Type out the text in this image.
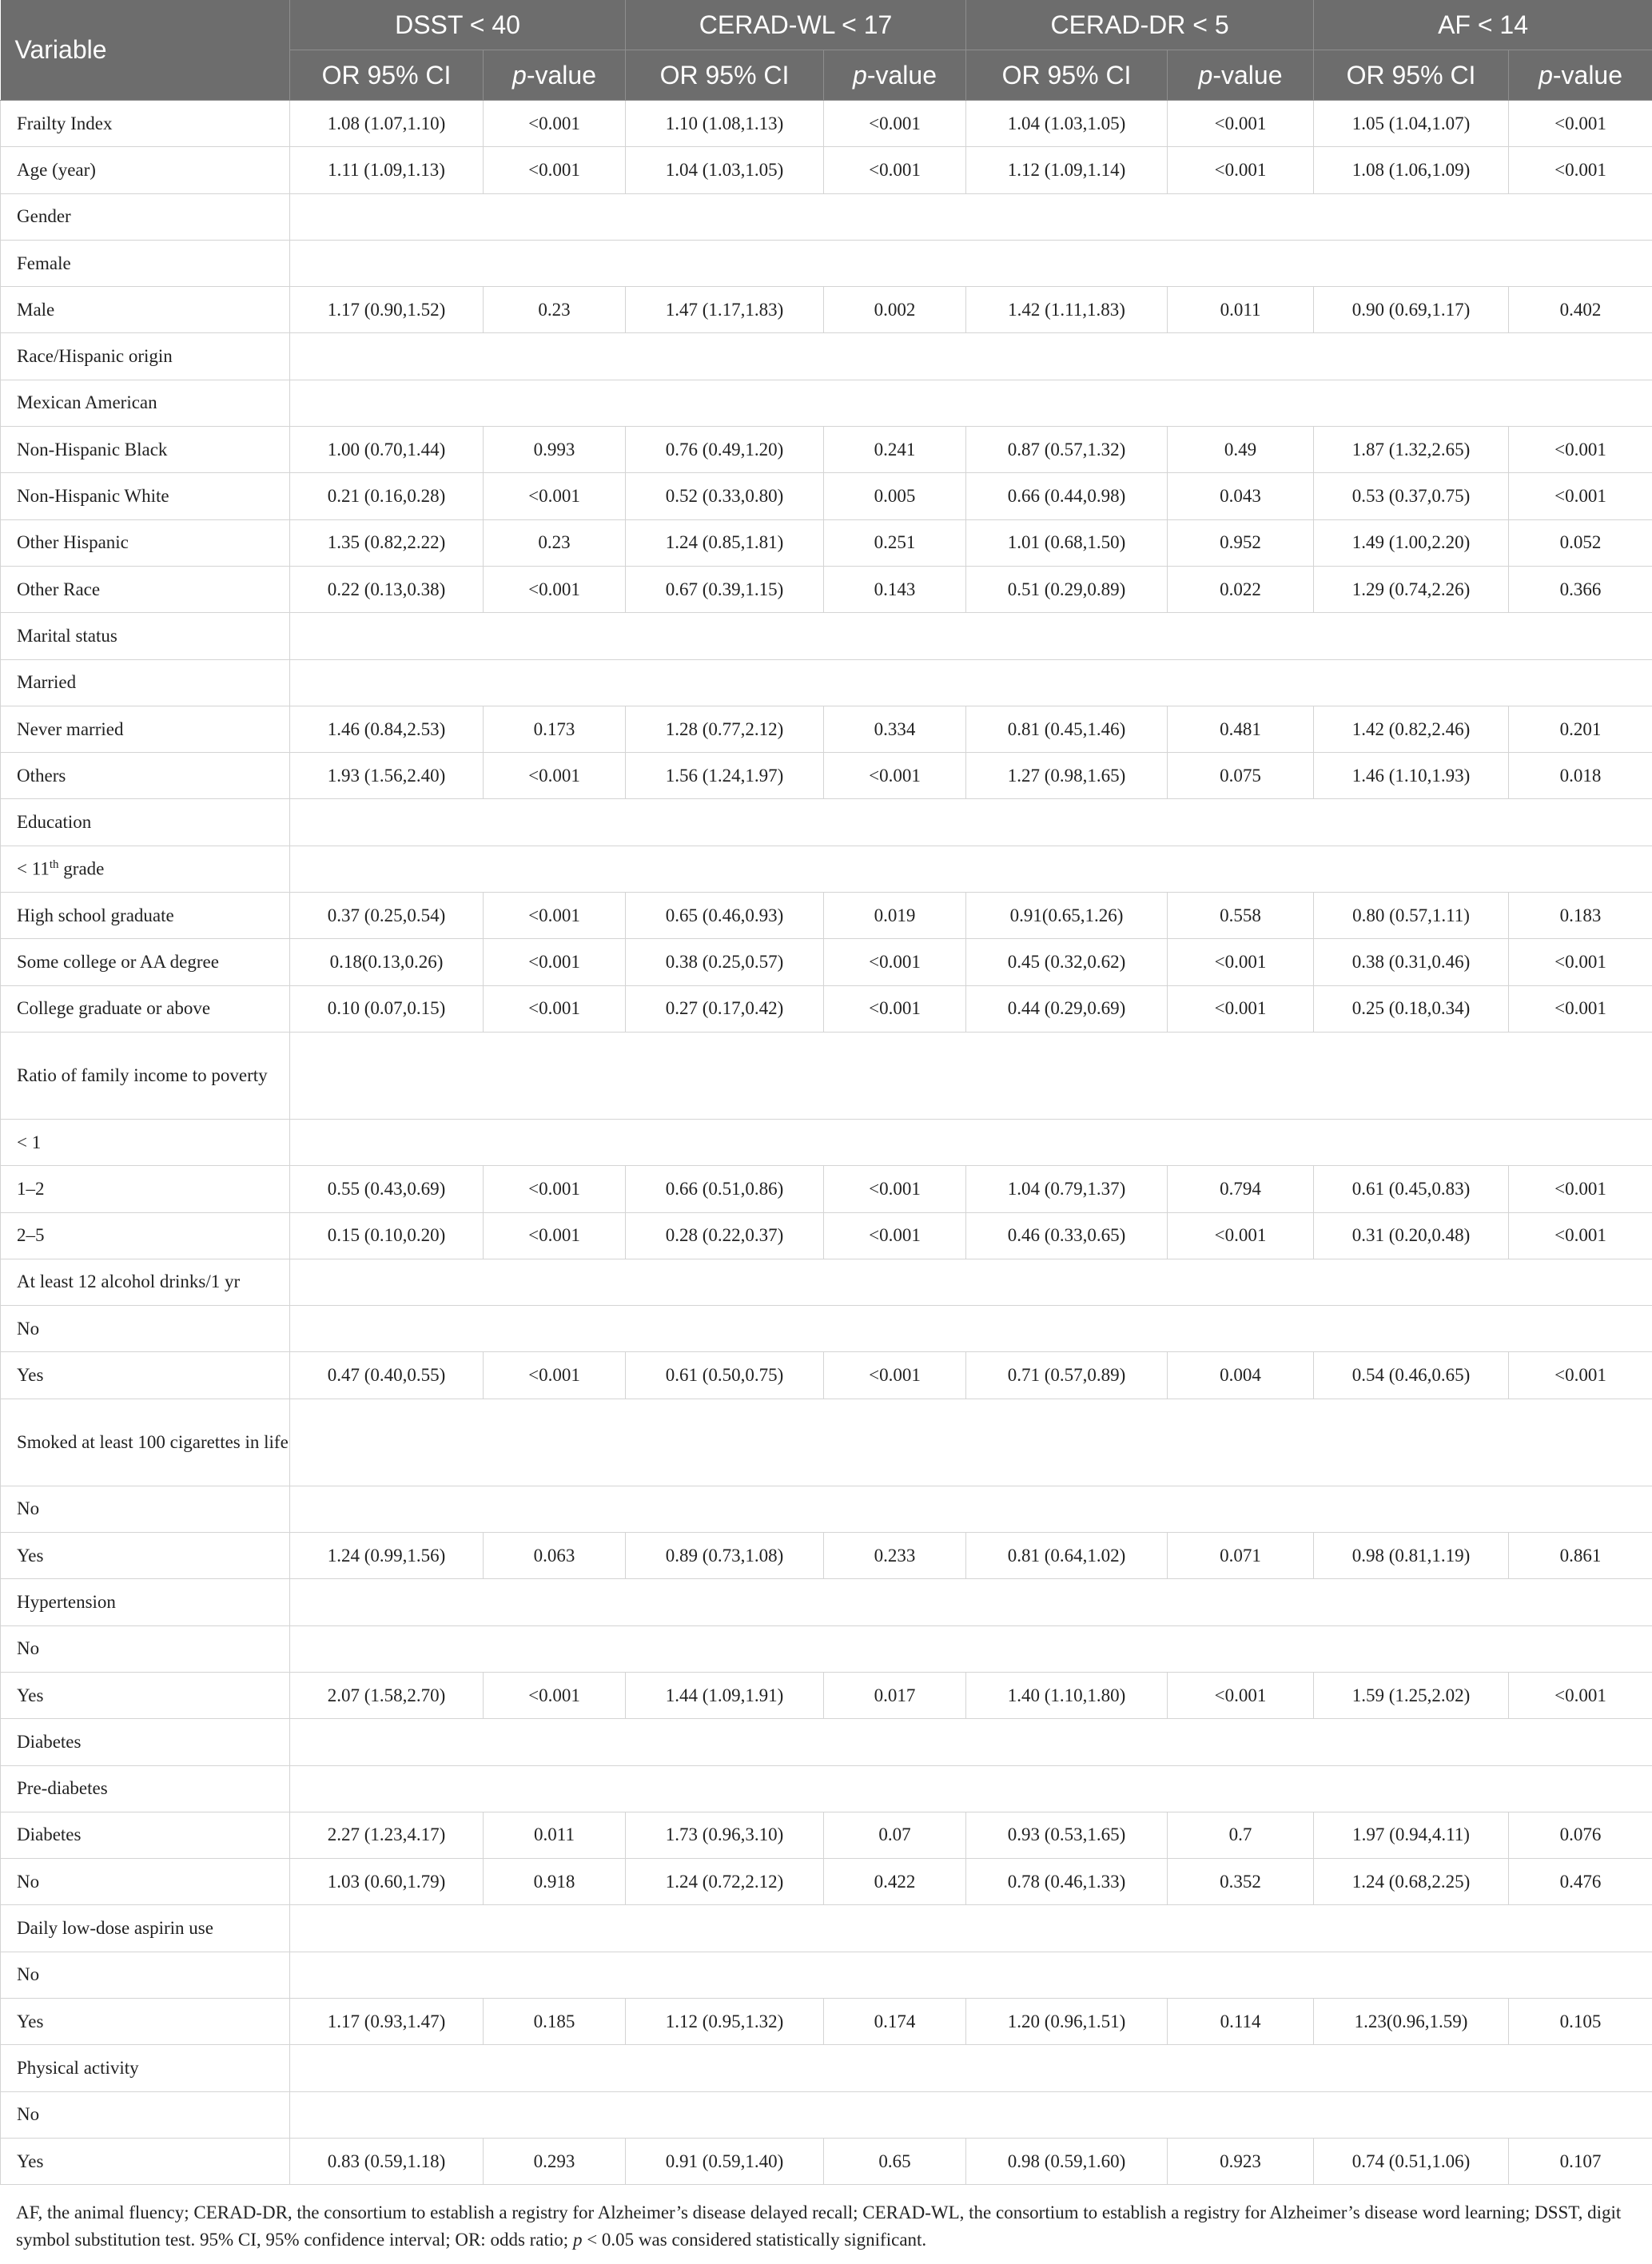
Variable	DSST < 40		CERAD-WL < 17		CERAD-DR < 5		AF < 14	
	OR 95% CI	p-value	OR 95% CI	p-value	OR 95% CI	p-value	OR 95% CI	p-value
Frailty Index	1.08 (1.07,1.10)	<0.001	1.10 (1.08,1.13)	<0.001	1.04 (1.03,1.05)	<0.001	1.05 (1.04,1.07)	<0.001
Age (year)	1.11 (1.09,1.13)	<0.001	1.04 (1.03,1.05)	<0.001	1.12 (1.09,1.14)	<0.001	1.08 (1.06,1.09)	<0.001
Gender								
Female								
Male	1.17 (0.90,1.52)	0.23	1.47 (1.17,1.83)	0.002	1.42 (1.11,1.83)	0.011	0.90 (0.69,1.17)	0.402
Race/Hispanic origin								
Mexican American								
Non-Hispanic Black	1.00 (0.70,1.44)	0.993	0.76 (0.49,1.20)	0.241	0.87 (0.57,1.32)	0.49	1.87 (1.32,2.65)	<0.001
Non-Hispanic White	0.21 (0.16,0.28)	<0.001	0.52 (0.33,0.80)	0.005	0.66 (0.44,0.98)	0.043	0.53 (0.37,0.75)	<0.001
Other Hispanic	1.35 (0.82,2.22)	0.23	1.24 (0.85,1.81)	0.251	1.01 (0.68,1.50)	0.952	1.49 (1.00,2.20)	0.052
Other Race	0.22 (0.13,0.38)	<0.001	0.67 (0.39,1.15)	0.143	0.51 (0.29,0.89)	0.022	1.29 (0.74,2.26)	0.366
Marital status								
Married								
Never married	1.46 (0.84,2.53)	0.173	1.28 (0.77,2.12)	0.334	0.81 (0.45,1.46)	0.481	1.42 (0.82,2.46)	0.201
Others	1.93 (1.56,2.40)	<0.001	1.56 (1.24,1.97)	<0.001	1.27 (0.98,1.65)	0.075	1.46 (1.10,1.93)	0.018
Education								
< 11th grade								
High school graduate	0.37 (0.25,0.54)	<0.001	0.65 (0.46,0.93)	0.019	0.91(0.65,1.26)	0.558	0.80 (0.57,1.11)	0.183
Some college or AA degree	0.18(0.13,0.26)	<0.001	0.38 (0.25,0.57)	<0.001	0.45 (0.32,0.62)	<0.001	0.38 (0.31,0.46)	<0.001
College graduate or above	0.10 (0.07,0.15)	<0.001	0.27 (0.17,0.42)	<0.001	0.44 (0.29,0.69)	<0.001	0.25 (0.18,0.34)	<0.001
Ratio of family income to poverty								
< 1								
1–2	0.55 (0.43,0.69)	<0.001	0.66 (0.51,0.86)	<0.001	1.04 (0.79,1.37)	0.794	0.61 (0.45,0.83)	<0.001
2–5	0.15 (0.10,0.20)	<0.001	0.28 (0.22,0.37)	<0.001	0.46 (0.33,0.65)	<0.001	0.31 (0.20,0.48)	<0.001
At least 12 alcohol drinks/1 yr								
No								
Yes	0.47 (0.40,0.55)	<0.001	0.61 (0.50,0.75)	<0.001	0.71 (0.57,0.89)	0.004	0.54 (0.46,0.65)	<0.001
Smoked at least 100 cigarettes in life								
No								
Yes	1.24 (0.99,1.56)	0.063	0.89 (0.73,1.08)	0.233	0.81 (0.64,1.02)	0.071	0.98 (0.81,1.19)	0.861
Hypertension								
No								
Yes	2.07 (1.58,2.70)	<0.001	1.44 (1.09,1.91)	0.017	1.40 (1.10,1.80)	<0.001	1.59 (1.25,2.02)	<0.001
Diabetes								
Pre-diabetes								
Diabetes	2.27 (1.23,4.17)	0.011	1.73 (0.96,3.10)	0.07	0.93 (0.53,1.65)	0.7	1.97 (0.94,4.11)	0.076
No	1.03 (0.60,1.79)	0.918	1.24 (0.72,2.12)	0.422	0.78 (0.46,1.33)	0.352	1.24 (0.68,2.25)	0.476
Daily low-dose aspirin use								
No								
Yes	1.17 (0.93,1.47)	0.185	1.12 (0.95,1.32)	0.174	1.20 (0.96,1.51)	0.114	1.23(0.96,1.59)	0.105
Physical activity								
No								
Yes	0.83 (0.59,1.18)	0.293	0.91 (0.59,1.40)	0.65	0.98 (0.59,1.60)	0.923	0.74 (0.51,1.06)	0.107
AF, the animal fluency; CERAD-DR, the consortium to establish a registry for Alzheimer’s disease delayed recall; CERAD-WL, the consortium to establish a registry for Alzheimer’s disease word learning; DSST, digit symbol substitution test. 95% CI, 95% confidence interval; OR: odds ratio; p < 0.05 was considered statistically significant.
